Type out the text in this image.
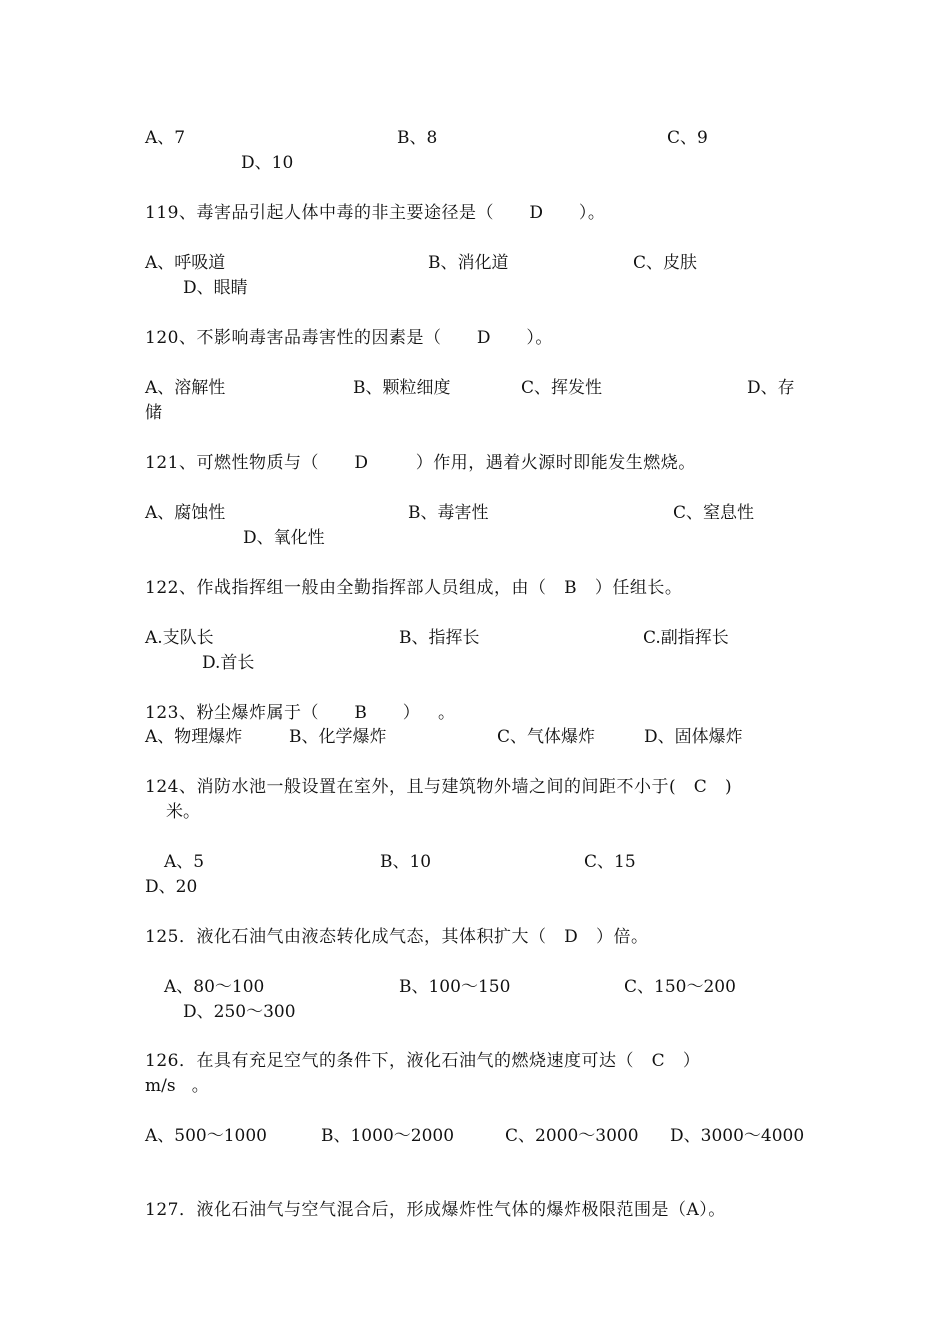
A、7	B、8	C、9
D、10
119、毒害品引起人体中毒的非主要途径是（      D      ）。
A、呼吸道	B、消化道	C、皮肤
D、眼睛
120、不影响毒害品毒害性的因素是（      D      ）。
A、溶解性	B、颗粒细度	C、挥发性	D、存
储
121、可燃性物质与（      D        ）作用，遇着火源时即能发生燃烧。
A、腐蚀性	B、毒害性	C、窒息性
D、氧化性
122、作战指挥组一般由全勤指挥部人员组成，由（   B   ）任组长。
A.支队长	B、指挥长	C.副指挥长
D.首长
123、粉尘爆炸属于（      B      ）   。
A、物理爆炸	B、化学爆炸	C、气体爆炸	D、固体爆炸
124、消防水池一般设置在室外，且与建筑物外墙之间的间距不小于(   C   )
米。
A、5	B、10	C、15
D、20
125．液化石油气由液态转化成气态，其体积扩大（   D   ）倍。
A、80～100	B、100～150	C、150～200
D、250～300
126．在具有充足空气的条件下，液化石油气的燃烧速度可达（   C   ）
m/s   。
A、500～1000	B、1000～2000	C、2000～3000 D、3000～4000
127．液化石油气与空气混合后，形成爆炸性气体的爆炸极限范围是（A）。
